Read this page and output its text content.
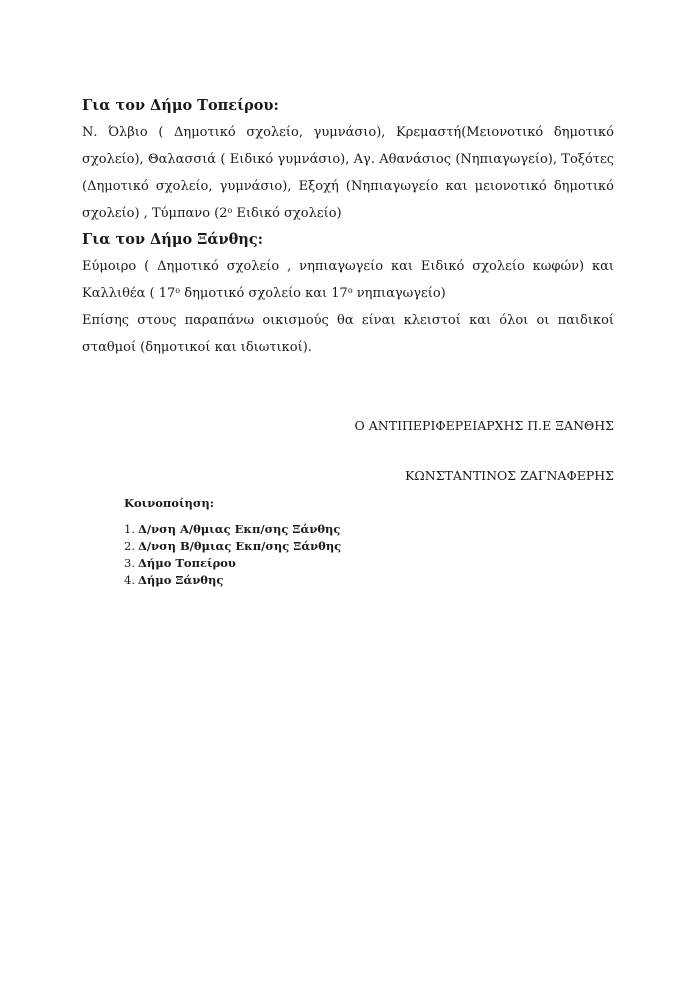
Για τον Δήμο Τοπείρου:

Ν. Όλβιο ( Δημοτικό σχολείο, γυμνάσιο), Κρεμαστή(Μειονοτικό δημοτικό σχολείο), Θαλασσιά ( Ειδικό γυμνάσιο), Αγ. Αθανάσιος (Νηπιαγωγείο), Τοξότες (Δημοτικό σχολείο, γυμνάσιο), Εξοχή (Νηπιαγωγείο και μειονοτικό δημοτικό σχολείο) , Τύμπανο ($2^o$ Ειδικό σχολείο)

Για τον Δήμο Ξάνθης:

Εύμοιρο ( Δημοτικό σχολείο , νηπιαγωγείο και Ειδικό σχολείο κωφών) και Καλλιθέα ( $17^o$ δημοτικό σχολείο και $17^o$ νηπιαγωγείο)

Επίσης στους παραπάνω οικισμούς θα είναι κλειστοί και όλοι οι παιδικοί σταθμοί (δημοτικοί και ιδιωτικοί).

Ο ΑΝΤΙΠΕΡΙΦΕΡΕΙΑΡΧΗΣ Π.Ε ΞΑΝΘΗΣ
ΚΩΝΣΤΑΝΤΙΝΟΣ ΖΑΓΝΑΦΕΡΗΣ

Κοινοποίηση:

1. Δ/νση Α/θμιας Εκπ/σης Ξάνθης
2. Δ/νση Β/θμιας Εκπ/σης Ξάνθης
3. Δήμο Τοπείρου
4. Δήμο Ξάνθης
